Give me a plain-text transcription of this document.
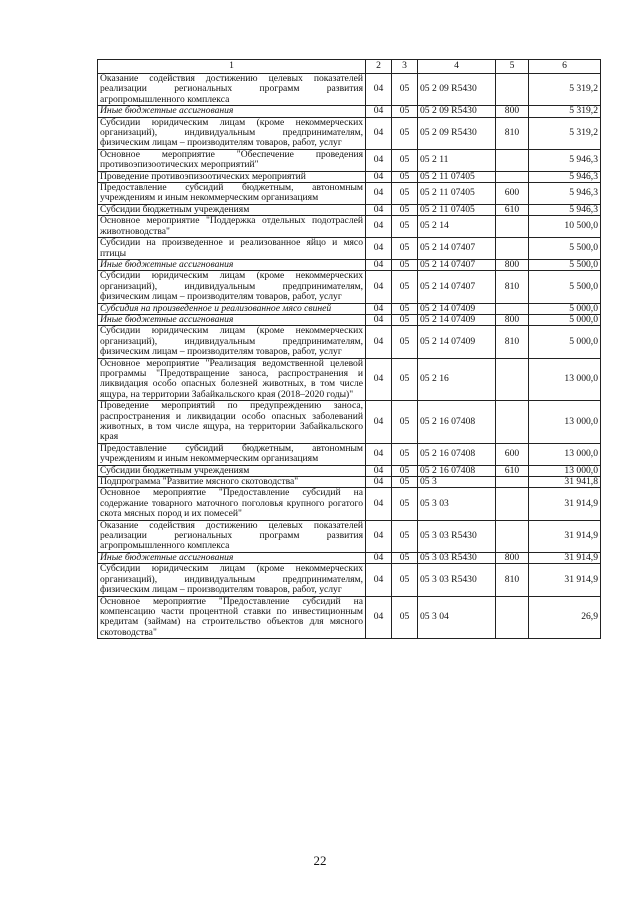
1	2	3	4	5	6
Оказание содействия достижению целевых показателей реализации региональных программ развития агропромышленного комплекса	04	05	05 2 09 R5430		5 319,2
Иные бюджетные ассигнования	04	05	05 2 09 R5430	800	5 319,2
Субсидии юридическим лицам (кроме некоммерческих организаций), индивидуальным предпринимателям, физическим лицам – производителям товаров, работ, услуг	04	05	05 2 09 R5430	810	5 319,2
Основное мероприятие "Обеспечение проведения противоэпизоотических мероприятий"	04	05	05 2 11		5 946,3
Проведение противоэпизоотических мероприятий	04	05	05 2 11 07405		5 946,3
Предоставление субсидий бюджетным, автономным учреждениям и иным некоммерческим организациям	04	05	05 2 11 07405	600	5 946,3
Субсидии бюджетным учреждениям	04	05	05 2 11 07405	610	5 946,3
Основное мероприятие "Поддержка отдельных подотраслей животноводства"	04	05	05 2 14		10 500,0
Субсидии на произведенное и реализованное яйцо и мясо птицы	04	05	05 2 14 07407		5 500,0
Иные бюджетные ассигнования	04	05	05 2 14 07407	800	5 500,0
Субсидии юридическим лицам (кроме некоммерческих организаций), индивидуальным предпринимателям, физическим лицам – производителям товаров, работ, услуг	04	05	05 2 14 07407	810	5 500,0
Субсидия на произведенное и реализованное мясо свиней	04	05	05 2 14 07409		5 000,0
Иные бюджетные ассигнования	04	05	05 2 14 07409	800	5 000,0
Субсидии юридическим лицам (кроме некоммерческих организаций), индивидуальным предпринимателям, физическим лицам – производителям товаров, работ, услуг	04	05	05 2 14 07409	810	5 000,0
Основное мероприятие "Реализация ведомственной целевой программы "Предотвращение заноса, распространения и ликвидация особо опасных болезней животных, в том числе ящура, на территории Забайкальского края (2018–2020 годы)"	04	05	05 2 16		13 000,0
Проведение мероприятий по предупреждению заноса, распространения и ликвидации особо опасных заболеваний животных, в том числе ящура, на территории Забайкальского края	04	05	05 2 16 07408		13 000,0
Предоставление субсидий бюджетным, автономным учреждениям и иным некоммерческим организациям	04	05	05 2 16 07408	600	13 000,0
Субсидии бюджетным учреждениям	04	05	05 2 16 07408	610	13 000,0
Подпрограмма "Развитие мясного скотоводства"	04	05	05 3		31 941,8
Основное мероприятие "Предоставление субсидий на содержание товарного маточного поголовья крупного рогатого скота мясных пород и их помесей"	04	05	05 3 03		31 914,9
Оказание содействия достижению целевых показателей реализации региональных программ развития агропромышленного комплекса	04	05	05 3 03 R5430		31 914,9
Иные бюджетные ассигнования	04	05	05 3 03 R5430	800	31 914,9
Субсидии юридическим лицам (кроме некоммерческих организаций), индивидуальным предпринимателям, физическим лицам – производителям товаров, работ, услуг	04	05	05 3 03 R5430	810	31 914,9
Основное мероприятие "Предоставление субсидий на компенсацию части процентной ставки по инвестиционным кредитам (займам) на строительство объектов для мясного скотоводства"	04	05	05 3 04		26,9
22
